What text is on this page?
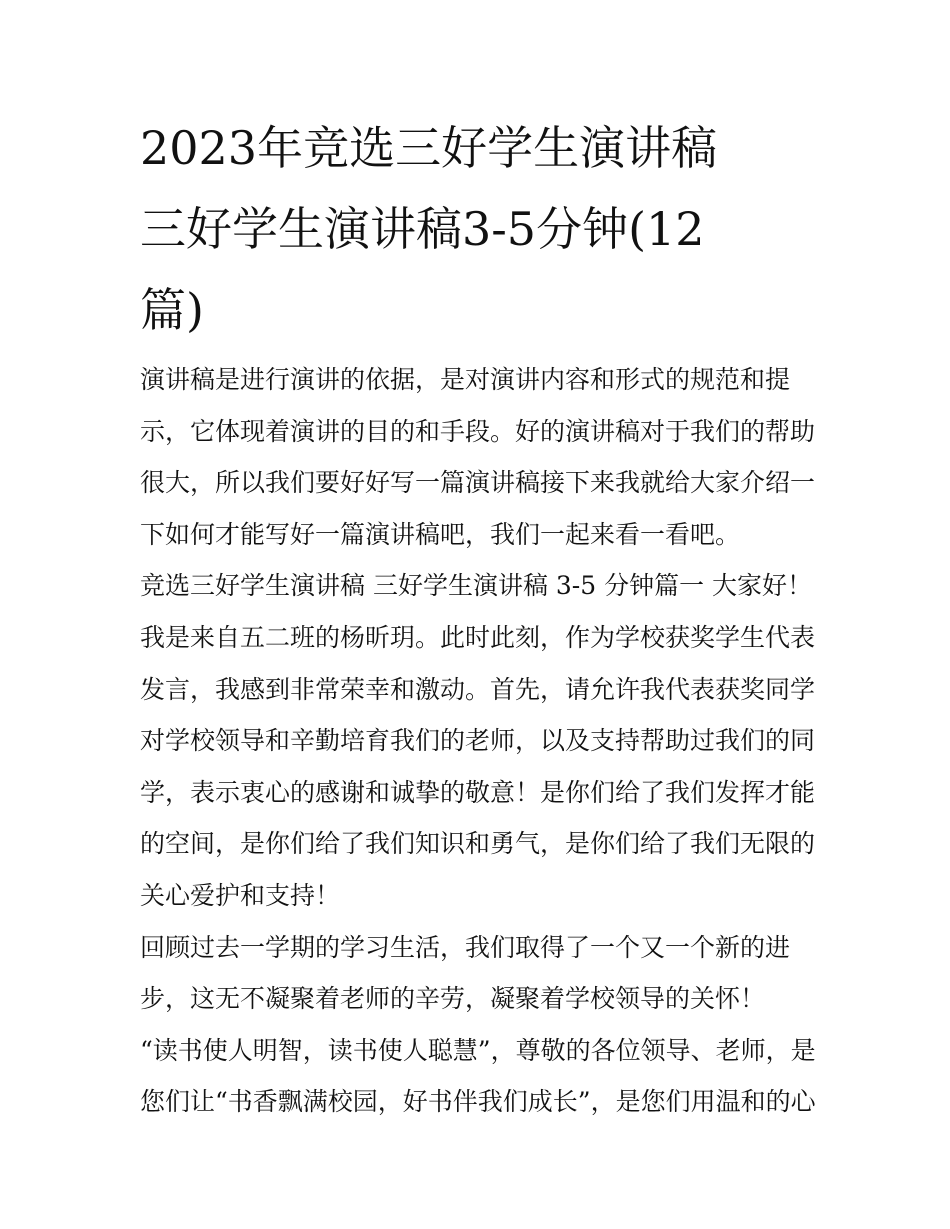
2023年竞选三好学生演讲稿
三好学生演讲稿3-5分钟(12
篇)
演讲稿是进行演讲的依据，是对演讲内容和形式的规范和提
示，它体现着演讲的目的和手段。好的演讲稿对于我们的帮助
很大，所以我们要好好写一篇演讲稿接下来我就给大家介绍一
下如何才能写好一篇演讲稿吧，我们一起来看一看吧。
竞选三好学生演讲稿 三好学生演讲稿 3-5 分钟篇一 大家好！
我是来自五二班的杨昕玥。此时此刻，作为学校获奖学生代表
发言，我感到非常荣幸和激动。首先，请允许我代表获奖同学
对学校领导和辛勤培育我们的老师，以及支持帮助过我们的同
学，表示衷心的感谢和诚挚的敬意！是你们给了我们发挥才能
的空间，是你们给了我们知识和勇气，是你们给了我们无限的
关心爱护和支持！
回顾过去一学期的学习生活，我们取得了一个又一个新的进
步，这无不凝聚着老师的辛劳，凝聚着学校领导的关怀！
“读书使人明智，读书使人聪慧”，尊敬的各位领导、老师，是
您们让“书香飘满校园，好书伴我们成长”，是您们用温和的心
